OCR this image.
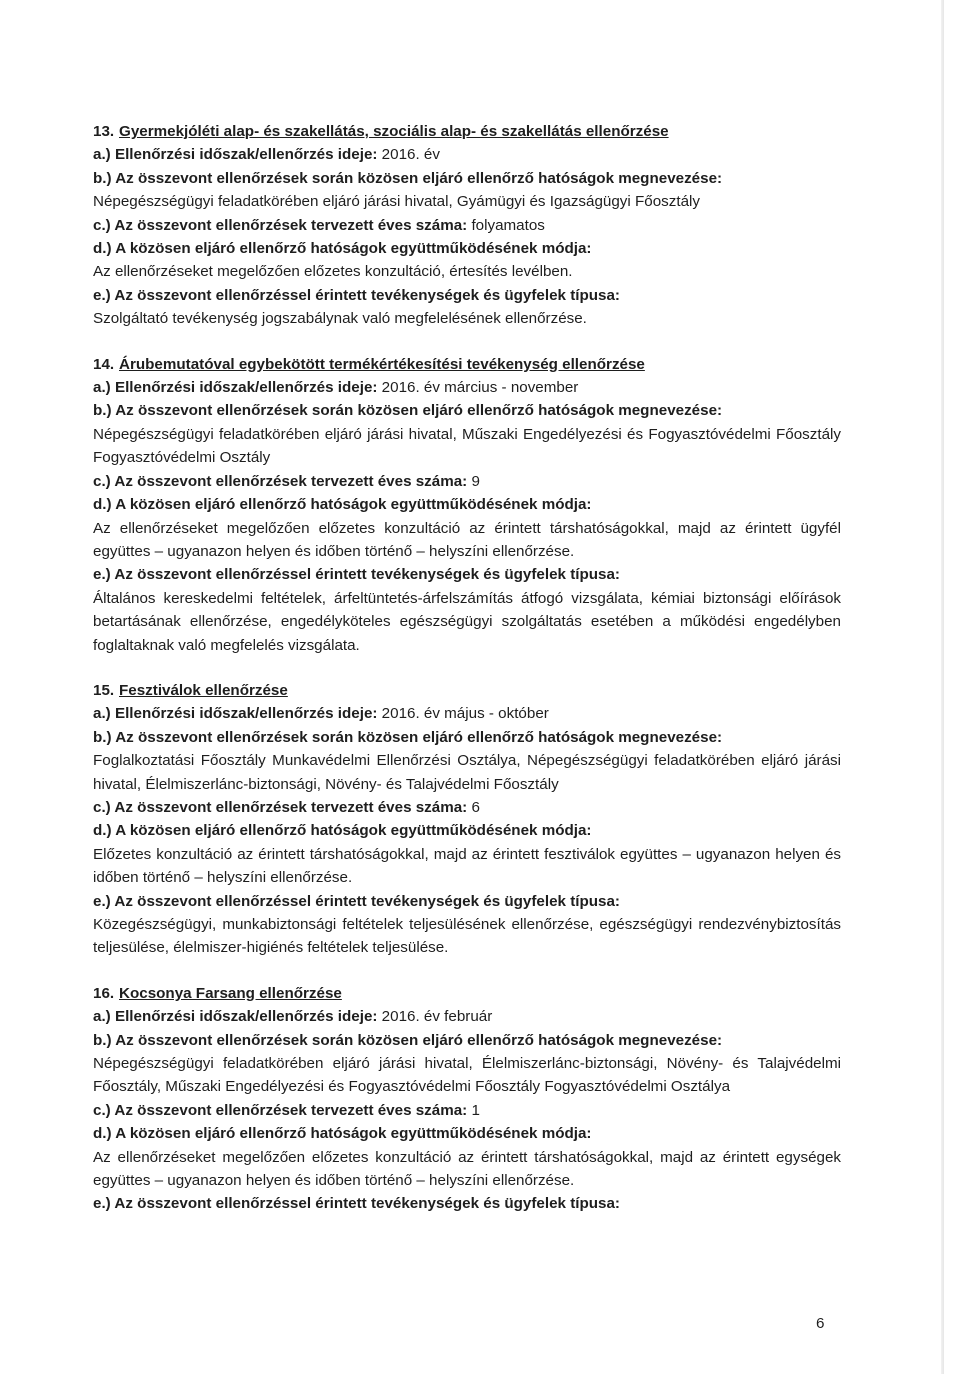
13. Gyermekjóléti alap- és szakellátás, szociális alap- és szakellátás ellenőrzése

a.) Ellenőrzési időszak/ellenőrzés ideje: 2016. év

b.) Az összevont ellenőrzések során közösen eljáró ellenőrző hatóságok megnevezése:

Népegészségügyi feladatkörében eljáró járási hivatal, Gyámügyi és Igazságügyi Főosztály

c.) Az összevont ellenőrzések tervezett éves száma: folyamatos

d.) A közösen eljáró ellenőrző hatóságok együttműködésének módja:

Az ellenőrzéseket megelőzően előzetes konzultáció, értesítés levélben.

e.) Az összevont ellenőrzéssel érintett tevékenységek és ügyfelek típusa:

Szolgáltató tevékenység jogszabálynak való megfelelésének ellenőrzése.

14. Árubemutatóval egybekötött termékértékesítési tevékenység ellenőrzése

a.) Ellenőrzési időszak/ellenőrzés ideje: 2016. év március - november

b.) Az összevont ellenőrzések során közösen eljáró ellenőrző hatóságok megnevezése:

Népegészségügyi feladatkörében eljáró járási hivatal, Műszaki Engedélyezési és Fogyasztóvédelmi Főosztály Fogyasztóvédelmi Osztály

c.) Az összevont ellenőrzések tervezett éves száma: 9

d.) A közösen eljáró ellenőrző hatóságok együttműködésének módja:

Az ellenőrzéseket megelőzően előzetes konzultáció az érintett társhatóságokkal, majd az érintett ügyfél együttes – ugyanazon helyen és időben történő – helyszíni ellenőrzése.

e.) Az összevont ellenőrzéssel érintett tevékenységek és ügyfelek típusa:

Általános kereskedelmi feltételek, árfeltüntetés-árfelszámítás átfogó vizsgálata, kémiai biztonsági előírások betartásának ellenőrzése, engedélyköteles egészségügyi szolgáltatás esetében a működési engedélyben foglaltaknak való megfelelés vizsgálata.

15. Fesztiválok ellenőrzése

a.) Ellenőrzési időszak/ellenőrzés ideje: 2016. év május - október

b.) Az összevont ellenőrzések során közösen eljáró ellenőrző hatóságok megnevezése:

Foglalkoztatási Főosztály Munkavédelmi Ellenőrzési Osztálya, Népegészségügyi feladatkörében eljáró járási hivatal, Élelmiszerlánc-biztonsági, Növény- és Talajvédelmi Főosztály

c.) Az összevont ellenőrzések tervezett éves száma: 6

d.) A közösen eljáró ellenőrző hatóságok együttműködésének módja:

Előzetes konzultáció az érintett társhatóságokkal, majd az érintett fesztiválok együttes – ugyanazon helyen és időben történő – helyszíni ellenőrzése.

e.) Az összevont ellenőrzéssel érintett tevékenységek és ügyfelek típusa:

Közegészségügyi, munkabiztonsági feltételek teljesülésének ellenőrzése, egészségügyi rendezvénybiztosítás teljesülése, élelmiszer-higiénés feltételek teljesülése.

16. Kocsonya Farsang ellenőrzése

a.) Ellenőrzési időszak/ellenőrzés ideje: 2016. év február

b.) Az összevont ellenőrzések során közösen eljáró ellenőrző hatóságok megnevezése:

Népegészségügyi feladatkörében eljáró járási hivatal, Élelmiszerlánc-biztonsági, Növény- és Talajvédelmi Főosztály, Műszaki Engedélyezési és Fogyasztóvédelmi Főosztály Fogyasztóvédelmi Osztálya

c.) Az összevont ellenőrzések tervezett éves száma: 1

d.) A közösen eljáró ellenőrző hatóságok együttműködésének módja:

Az ellenőrzéseket megelőzően előzetes konzultáció az érintett társhatóságokkal, majd az érintett egységek együttes – ugyanazon helyen és időben történő – helyszíni ellenőrzése.

e.) Az összevont ellenőrzéssel érintett tevékenységek és ügyfelek típusa:

6
